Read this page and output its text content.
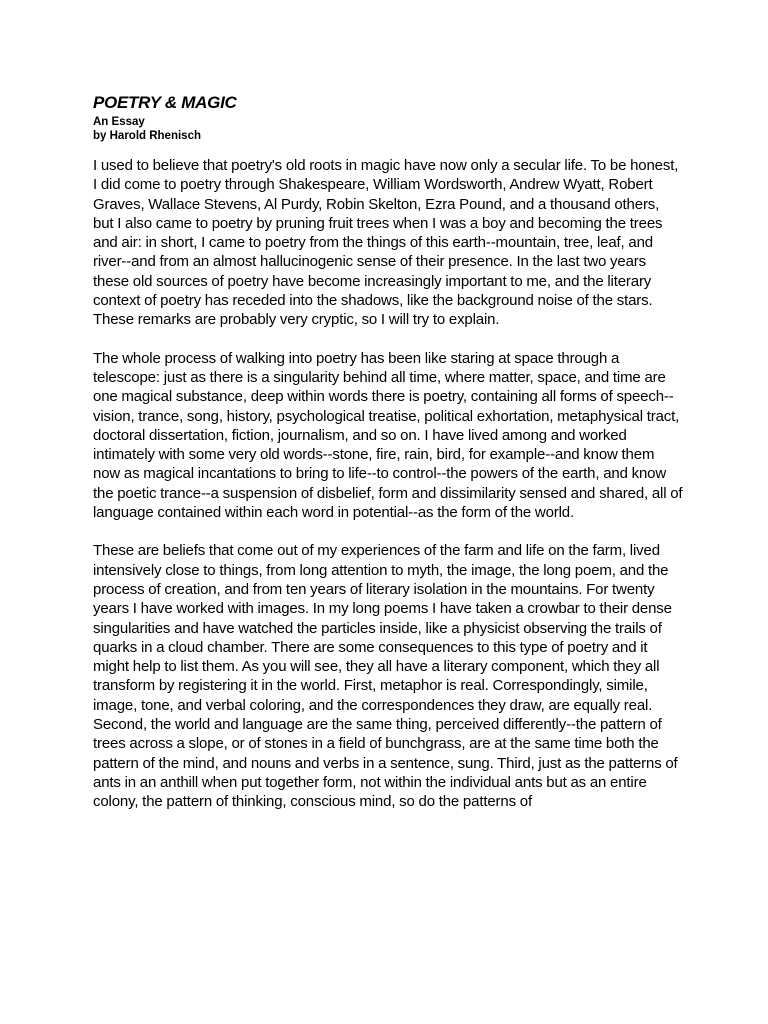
POETRY & MAGIC
An Essay
by Harold Rhenisch

I used to believe that poetry's old roots in magic have now only a secular life. To be honest, I did come to poetry through Shakespeare, William Wordsworth, Andrew Wyatt, Robert Graves, Wallace Stevens, Al Purdy, Robin Skelton, Ezra Pound, and a thousand others, but I also came to poetry by pruning fruit trees when I was a boy and becoming the trees and air: in short, I came to poetry from the things of this earth--mountain, tree, leaf, and river--and from an almost hallucinogenic sense of their presence. In the last two years these old sources of poetry have become increasingly important to me, and the literary context of poetry has receded into the shadows, like the background noise of the stars. These remarks are probably very cryptic, so I will try to explain.

The whole process of walking into poetry has been like staring at space through a telescope: just as there is a singularity behind all time, where matter, space, and time are one magical substance, deep within words there is poetry, containing all forms of speech--vision, trance, song, history, psychological treatise, political exhortation, metaphysical tract, doctoral dissertation, fiction, journalism, and so on. I have lived among and worked intimately with some very old words--stone, fire, rain, bird, for example--and know them now as magical incantations to bring to life--to control--the powers of the earth, and know the poetic trance--a suspension of disbelief, form and dissimilarity sensed and shared, all of language contained within each word in potential--as the form of the world.

These are beliefs that come out of my experiences of the farm and life on the farm, lived intensively close to things, from long attention to myth, the image, the long poem, and the process of creation, and from ten years of literary isolation in the mountains. For twenty years I have worked with images. In my long poems I have taken a crowbar to their dense singularities and have watched the particles inside, like a physicist observing the trails of quarks in a cloud chamber. There are some consequences to this type of poetry and it might help to list them. As you will see, they all have a literary component, which they all transform by registering it in the world. First, metaphor is real. Correspondingly, simile, image, tone, and verbal coloring, and the correspondences they draw, are equally real. Second, the world and language are the same thing, perceived differently--the pattern of trees across a slope, or of stones in a field of bunchgrass, are at the same time both the pattern of the mind, and nouns and verbs in a sentence, sung. Third, just as the patterns of ants in an anthill when put together form, not within the individual ants but as an entire colony, the pattern of thinking, conscious mind, so do the patterns of
